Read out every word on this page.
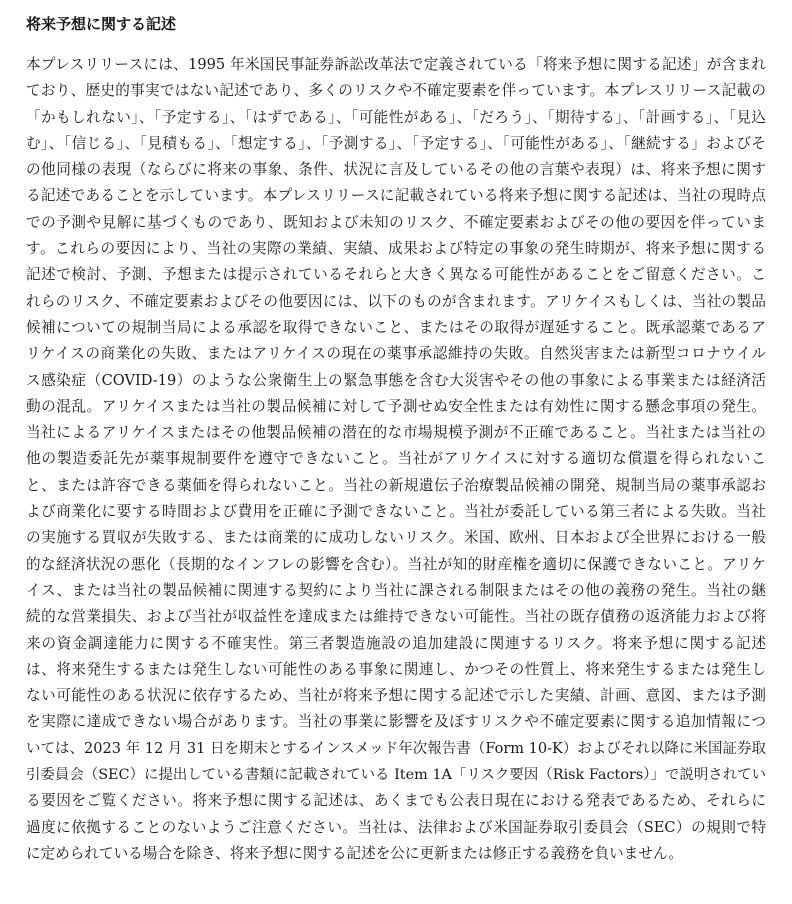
将来予想に関する記述
本プレスリリースには、1995 年米国民事証券訴訟改革法で定義されている「将来予想に関する記述」が含まれ
ており、歴史的事実ではない記述であり、多くのリスクや不確定要素を伴っています。本プレスリリース記載の
「かもしれない」、「予定する」、「はずである」、「可能性がある」、「だろう」、「期待する」、「計画する」、「見込
む」、「信じる」、「見積もる」、「想定する」、「予測する」、「予定する」、「可能性がある」、「継続する」およびそ
の他同様の表現（ならびに将来の事象、条件、状況に言及しているその他の言葉や表現）は、将来予想に関す
る記述であることを示しています。本プレスリリースに記載されている将来予想に関する記述は、当社の現時点
での予測や見解に基づくものであり、既知および未知のリスク、不確定要素およびその他の要因を伴っていま
す。これらの要因により、当社の実際の業績、実績、成果および特定の事象の発生時期が、将来予想に関する
記述で検討、予測、予想または提示されているそれらと大きく異なる可能性があることをご留意ください。こ
れらのリスク、不確定要素およびその他要因には、以下のものが含まれます。アリケイスもしくは、当社の製品
候補についての規制当局による承認を取得できないこと、またはその取得が遅延すること。既承認薬であるア
リケイスの商業化の失敗、またはアリケイスの現在の薬事承認維持の失敗。自然災害または新型コロナウイル
ス感染症（COVID-19）のような公衆衛生上の緊急事態を含む大災害やその他の事象による事業または経済活
動の混乱。アリケイスまたは当社の製品候補に対して予測せぬ安全性または有効性に関する懸念事項の発生。
当社によるアリケイスまたはその他製品候補の潜在的な市場規模予測が不正確であること。当社または当社の
他の製造委託先が薬事規制要件を遵守できないこと。当社がアリケイスに対する適切な償還を得られないこ
と、または許容できる薬価を得られないこと。当社の新規遺伝子治療製品候補の開発、規制当局の薬事承認お
よび商業化に要する時間および費用を正確に予測できないこと。当社が委託している第三者による失敗。当社
の実施する買収が失敗する、または商業的に成功しないリスク。米国、欧州、日本および全世界における一般
的な経済状況の悪化（長期的なインフレの影響を含む）。当社が知的財産権を適切に保護できないこと。アリケ
イス、または当社の製品候補に関連する契約により当社に課される制限またはその他の義務の発生。当社の継
続的な営業損失、および当社が収益性を達成または維持できない可能性。当社の既存債務の返済能力および将
来の資金調達能力に関する不確実性。第三者製造施設の追加建設に関連するリスク。将来予想に関する記述
は、将来発生するまたは発生しない可能性のある事象に関連し、かつその性質上、将来発生するまたは発生し
ない可能性のある状況に依存するため、当社が将来予想に関する記述で示した実績、計画、意図、または予測
を実際に達成できない場合があります。当社の事業に影響を及ぼすリスクや不確定要素に関する追加情報につ
いては、2023 年 12 月 31 日を期末とするインスメッド年次報告書（Form 10-K）およびそれ以降に米国証券取
引委員会（SEC）に提出している書類に記載されている Item 1A「リスク要因（Risk Factors）」で説明されてい
る要因をご覧ください。将来予想に関する記述は、あくまでも公表日現在における発表であるため、それらに
過度に依拠することのないようご注意ください。当社は、法律および米国証券取引委員会（SEC）の規則で特
に定められている場合を除き、将来予想に関する記述を公に更新または修正する義務を負いません。
